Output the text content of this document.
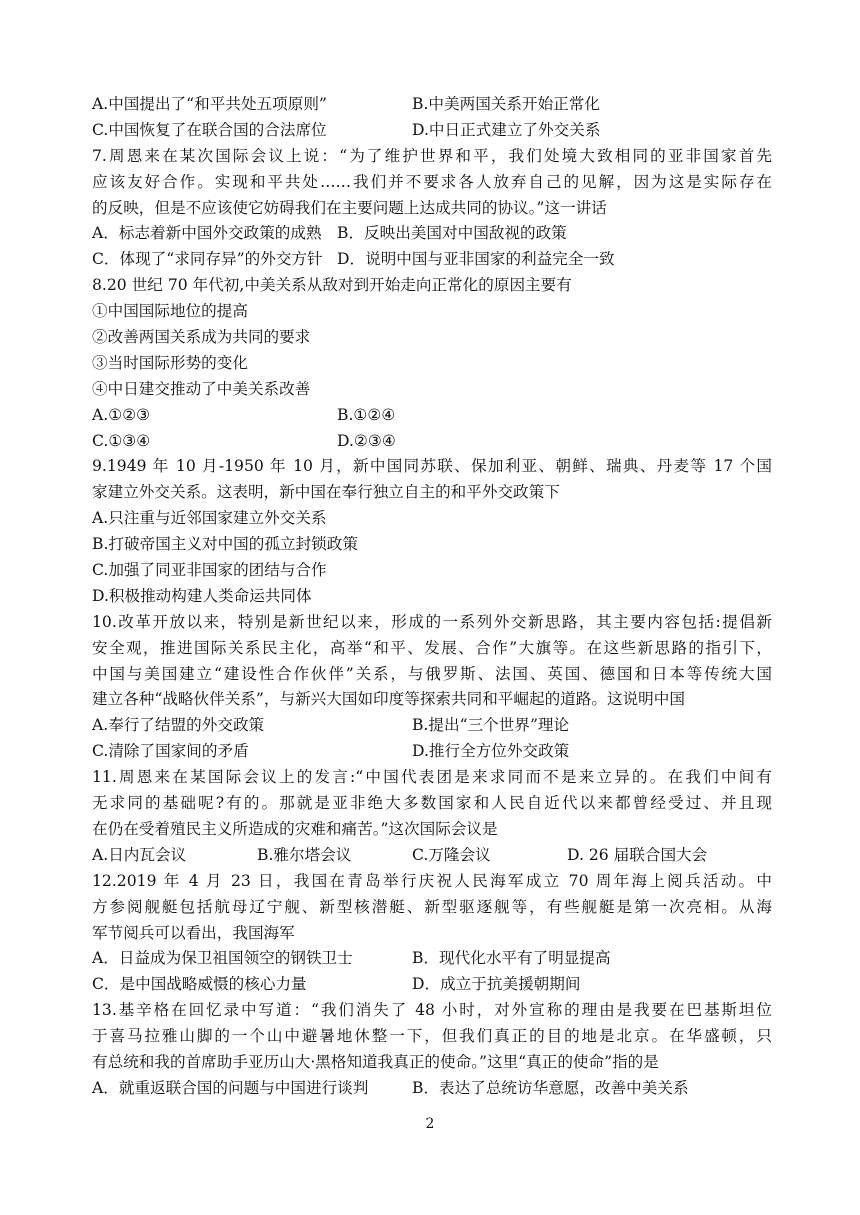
A.中国提出了“和平共处五项原则”	B.中美两国关系开始正常化
C.中国恢复了在联合国的合法席位	D.中日正式建立了外交关系
7.周恩来在某次国际会议上说：“为了维护世界和平，我们处境大致相同的亚非国家首先
应该友好合作。实现和平共处……我们并不要求各人放弃自己的见解，因为这是实际存在
的反映，但是不应该使它妨碍我们在主要问题上达成共同的协议。”这一讲话
A．标志着新中国外交政策的成熟 B．反映出美国对中国敌视的政策
C．体现了“求同存异”的外交方针 D．说明中国与亚非国家的利益完全一致
8.20 世纪 70 年代初,中美关系从敌对到开始走向正常化的原因主要有
①中国国际地位的提高
②改善两国关系成为共同的要求
③当时国际形势的变化
④中日建交推动了中美关系改善
A.①②③	B.①②④
C.①③④	D.②③④
9.1949 年 10 月-1950 年 10 月，新中国同苏联、保加利亚、朝鲜、瑞典、丹麦等 17 个国
家建立外交关系。这表明，新中国在奉行独立自主的和平外交政策下
A.只注重与近邻国家建立外交关系
B.打破帝国主义对中国的孤立封锁政策
C.加强了同亚非国家的团结与合作
D.积极推动构建人类命运共同体
10.改革开放以来，特别是新世纪以来，形成的一系列外交新思路，其主要内容包括:提倡新
安全观，推进国际关系民主化，高举“和平、发展、合作”大旗等。在这些新思路的指引下，
中国与美国建立“建设性合作伙伴”关系，与俄罗斯、法国、英国、德国和日本等传统大国
建立各种“战略伙伴关系”，与新兴大国如印度等探索共同和平崛起的道路。这说明中国
A.奉行了结盟的外交政策	B.提出“三个世界”理论
C.清除了国家间的矛盾	D.推行全方位外交政策
11.周恩来在某国际会议上的发言:“中国代表团是来求同而不是来立异的。在我们中间有
无求同的基础呢?有的。那就是亚非绝大多数国家和人民自近代以来都曾经受过、并且现
在仍在受着殖民主义所造成的灾难和痛苦。”这次国际会议是
A.日内瓦会议	B.雅尔塔会议	C.万隆会议	D. 26 届联合国大会
12.2019 年 4 月 23 日，我国在青岛举行庆祝人民海军成立 70 周年海上阅兵活动。中
方参阅舰艇包括航母辽宁舰、新型核潜艇、新型驱逐舰等，有些舰艇是第一次亮相。从海
军节阅兵可以看出，我国海军
A．日益成为保卫祖国领空的钢铁卫士	B．现代化水平有了明显提高
C．是中国战略威慑的核心力量	D．成立于抗美援朝期间
13.基辛格在回忆录中写道：“我们消失了 48 小时，对外宣称的理由是我要在巴基斯坦位
于喜马拉雅山脚的一个山中避暑地休整一下，但我们真正的目的地是北京。在华盛顿，只
有总统和我的首席助手亚历山大·黑格知道我真正的使命。”这里“真正的使命”指的是
A．就重返联合国的问题与中国进行谈判	B．表达了总统访华意愿，改善中美关系
2
